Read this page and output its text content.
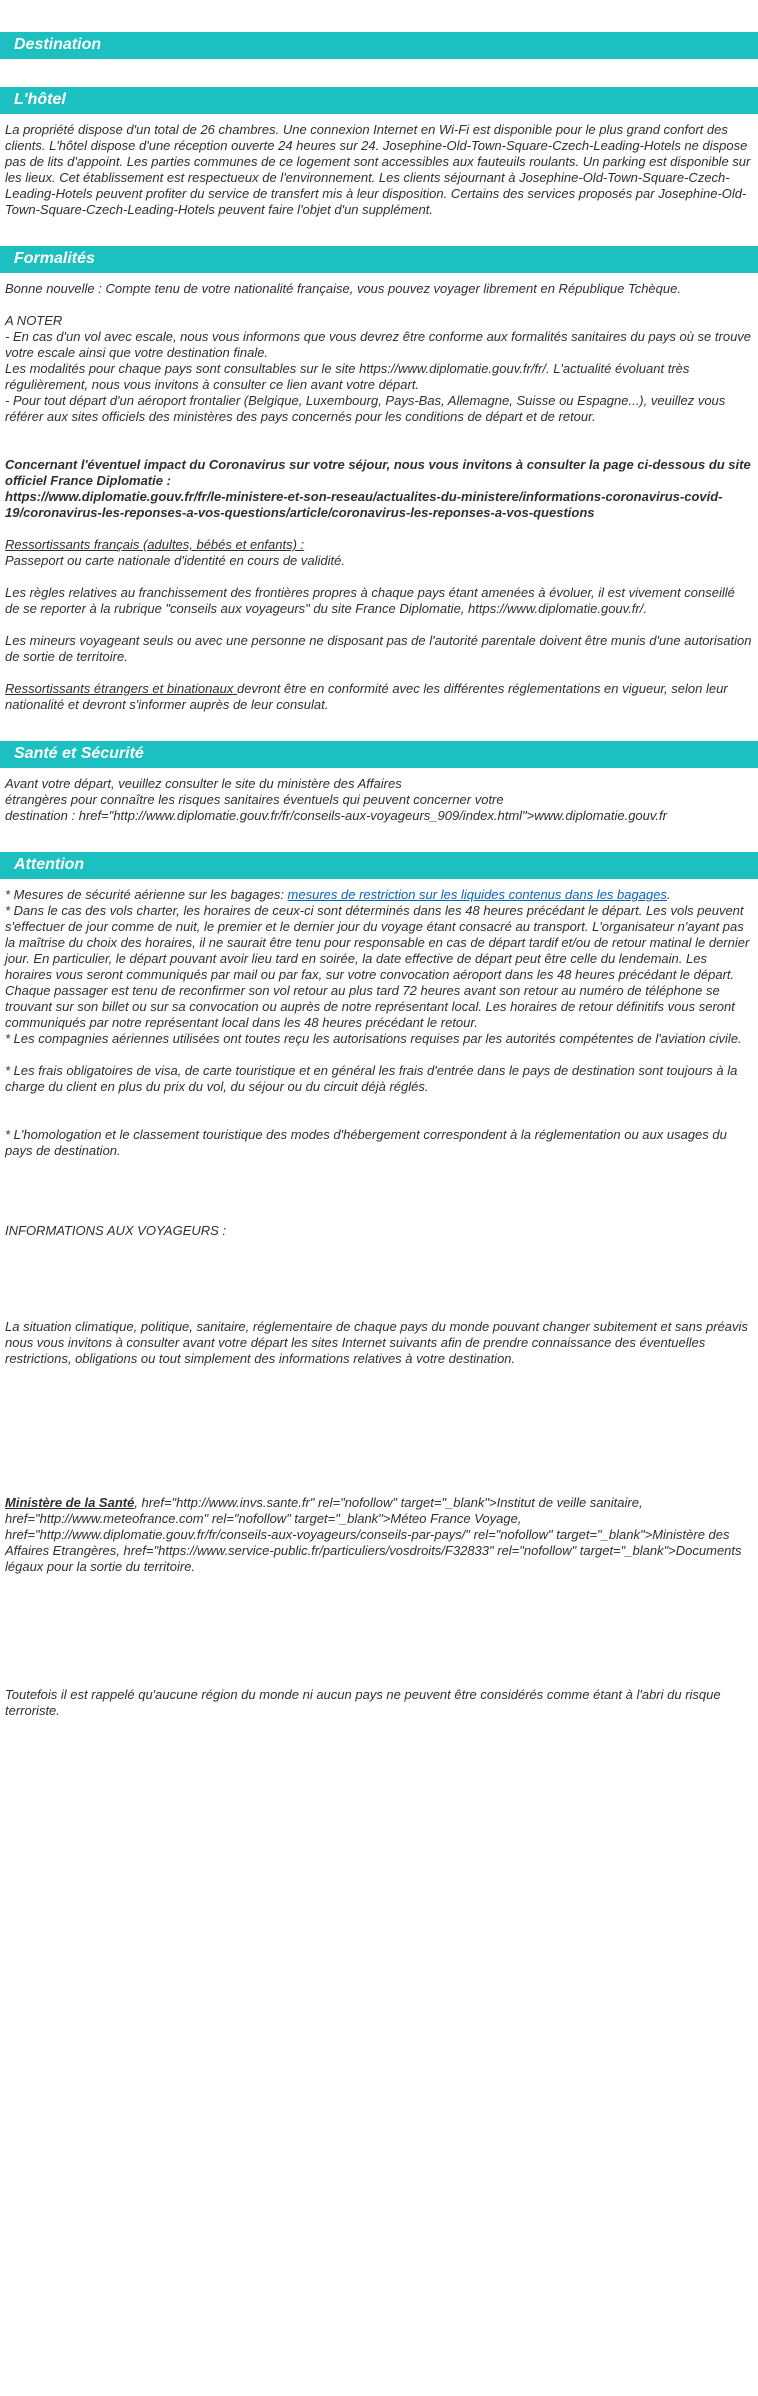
Destination
L'hôtel

La propriété dispose d'un total de 26 chambres. Une connexion Internet en Wi-Fi est disponible pour le plus grand confort des clients. L'hôtel dispose d'une réception ouverte 24 heures sur 24. Josephine-Old-Town-Square-Czech-Leading-Hotels ne dispose pas de lits d'appoint. Les parties communes de ce logement sont accessibles aux fauteuils roulants. Un parking est disponible sur les lieux. Cet établissement est respectueux de l'environnement. Les clients séjournant à Josephine-Old-Town-Square-Czech-Leading-Hotels peuvent profiter du service de transfert mis à leur disposition. Certains des services proposés par Josephine-Old-Town-Square-Czech-Leading-Hotels peuvent faire l'objet d'un supplément.

Formalités

Bonne nouvelle : Compte tenu de votre nationalité française, vous pouvez voyager librement en République Tchèque.

A NOTER

- En cas d'un vol avec escale, nous vous informons que vous devrez être conforme aux formalités sanitaires du pays où se trouve votre escale ainsi que votre destination finale.

Les modalités pour chaque pays sont consultables sur le site https://www.diplomatie.gouv.fr/fr/. L'actualité évoluant très régulièrement, nous vous invitons à consulter ce lien avant votre départ.

- Pour tout départ d'un aéroport frontalier (Belgique, Luxembourg, Pays-Bas, Allemagne, Suisse ou Espagne...), veuillez vous référer aux sites officiels des ministères des pays concernés pour les conditions de départ et de retour.

Concernant l'éventuel impact du Coronavirus sur votre séjour, nous vous invitons à consulter la page ci-dessous du site officiel France Diplomatie :

https://www.diplomatie.gouv.fr/fr/le-ministere-et-son-reseau/actualites-du-ministere/informations-coronavirus-covid-19/coronavirus-les-reponses-a-vos-questions/article/coronavirus-les-reponses-a-vos-questions

Ressortissants français (adultes, bébés et enfants) :

Passeport ou carte nationale d'identité en cours de validité.

Les règles relatives au franchissement des frontières propres à chaque pays étant amenées à évoluer, il est vivement conseillé de se reporter à la rubrique "conseils aux voyageurs" du site France Diplomatie, https://www.diplomatie.gouv.fr/.

Les mineurs voyageant seuls ou avec une personne ne disposant pas de l'autorité parentale doivent être munis d'une autorisation de sortie de territoire.

Ressortissants étrangers et binationaux devront être en conformité avec les différentes réglementations en vigueur, selon leur nationalité et devront s'informer auprès de leur consulat.

Santé et Sécurité

Avant votre départ, veuillez consulter le site du ministère des Affaires

étrangères pour connaître les risques sanitaires éventuels qui peuvent concerner votre

destination : href="http://www.diplomatie.gouv.fr/fr/conseils-aux-voyageurs_909/index.html">www.diplomatie.gouv.fr

Attention

* Mesures de sécurité aérienne sur les bagages: mesures de restriction sur les liquides contenus dans les bagages.

* Dans le cas des vols charter, les horaires de ceux-ci sont déterminés dans les 48 heures précédant le départ. Les vols peuvent s'effectuer de jour comme de nuit, le premier et le dernier jour du voyage étant consacré au transport. L'organisateur n'ayant pas la maîtrise du choix des horaires, il ne saurait être tenu pour responsable en cas de départ tardif et/ou de retour matinal le dernier jour. En particulier, le départ pouvant avoir lieu tard en soirée, la date effective de départ peut être celle du lendemain. Les horaires vous seront communiqués par mail ou par fax, sur votre convocation aéroport dans les 48 heures précédant le départ. Chaque passager est tenu de reconfirmer son vol retour au plus tard 72 heures avant son retour au numéro de téléphone se trouvant sur son billet ou sur sa convocation ou auprès de notre représentant local. Les horaires de retour définitifs vous seront communiqués par notre représentant local dans les 48 heures précédant le retour.

* Les compagnies aériennes utilisées ont toutes reçu les autorisations requises par les autorités compétentes de l'aviation civile.

* Les frais obligatoires de visa, de carte touristique et en général les frais d'entrée dans le pays de destination sont toujours à la charge du client en plus du prix du vol, du séjour ou du circuit déjà réglés.

* L'homologation et le classement touristique des modes d'hébergement correspondent à la réglementation ou aux usages du pays de destination.

INFORMATIONS AUX VOYAGEURS :

La situation climatique, politique, sanitaire, réglementaire de chaque pays du monde pouvant changer subitement et sans préavis

nous vous invitons à consulter avant votre départ les sites Internet suivants afin de prendre connaissance des éventuelles restrictions, obligations ou tout simplement des informations relatives à votre destination.

Ministère de la Santé, href="http://www.invs.sante.fr" rel="nofollow" target="_blank">Institut de veille sanitaire, href="http://www.meteofrance.com" rel="nofollow" target="_blank">Méteo France Voyage, href="http://www.diplomatie.gouv.fr/fr/conseils-aux-voyageurs/conseils-par-pays/" rel="nofollow" target="_blank">Ministère des Affaires Etrangères, href="https://www.service-public.fr/particuliers/vosdroits/F32833" rel="nofollow" target="_blank">Documents légaux pour la sortie du territoire.

Toutefois il est rappelé qu'aucune région du monde ni aucun pays ne peuvent être considérés comme étant à l'abri du risque terroriste.
